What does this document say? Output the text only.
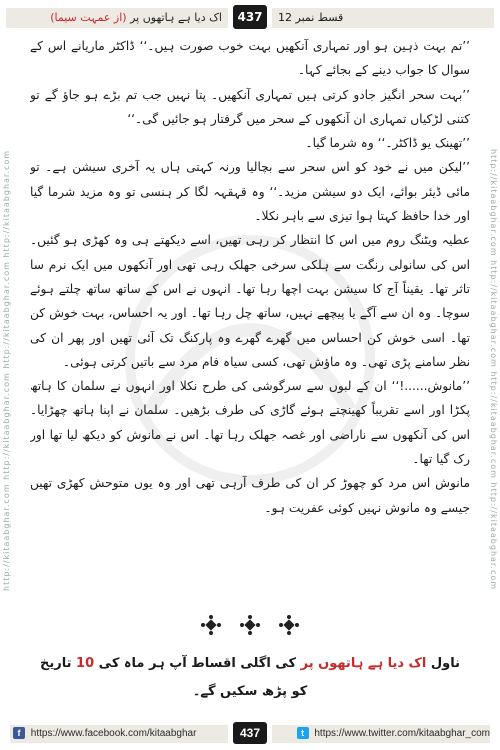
اک دیا ہے ہاتھوں پر (از عمہت سیما)	437	قسط نمبر 12
http://kitaabghar.com http://kitaabghar.com http://kitaabghar.com http://kitaabghar.com	http://kitaabghar.com http://kitaabghar.com http://kitaabghar.com http://kitaabghar.com

’’تم بہت ذہین ہو اور تمہاری آنکھیں بہت خوب صورت ہیں۔‘‘ ڈاکٹر ماریانے اس کے سوال کا جواب دینے کے بجائے کہا۔

’’بہت سحر انگیز جادو کرتی ہیں تمہاری آنکھیں۔ پتا نہیں جب تم بڑے ہو جاؤ گے تو کتنی لڑکیاں تمہاری ان آنکھوں کے سحر میں گرفتار ہو جائیں گی۔‘‘

’’تھینک یو ڈاکٹر۔‘‘ وہ شرما گیا۔

’’لیکن میں نے خود کو اس سحر سے بچالیا ورنہ کہتی ہاں یہ آخری سیشن ہے۔ تو مائی ڈیئر بوائے، ایک دو سیشن مزید۔‘‘ وہ قہقہہ لگا کر ہنسی تو وہ مزید شرما گیا اور خدا حافظ کہتا ہوا تیزی سے باہر نکلا۔

عطیہ ویٹنگ روم میں اس کا انتظار کر رہی تھیں، اسے دیکھتے ہی وہ کھڑی ہو گئیں۔ اس کی سانولی رنگت سے ہلکی سرخی جھلک رہی تھی اور آنکھوں میں ایک نرم سا تاثر تھا۔ یقیناً آج کا سیشن بہت اچھا رہا تھا۔ انہوں نے اس کے ساتھ ساتھ چلتے ہوئے سوچا۔ وہ ان سے آگے یا پیچھے نہیں، ساتھ چل رہا تھا۔ اور یہ احساس، بہت خوش کن تھا۔ اسی خوش کن احساس میں گھرے گھرے وہ پارکنگ تک آئی تھیں اور پھر ان کی نظر سامنے پڑی تھی۔ وہ ماؤش تھی، کسی سیاہ فام مرد سے باتیں کرتی ہوئی۔

’’مانوش......!‘‘ ان کے لبوں سے سرگوشی کی طرح نکلا اور انہوں نے سلمان کا ہاتھ پکڑا اور اسے تقریباً کھینچتے ہوئے گاڑی کی طرف بڑھیں۔ سلمان نے اپنا ہاتھ چھڑایا۔ اس کی آنکھوں سے ناراضی اور غصہ جھلک رہا تھا۔ اس نے مانوش کو دیکھ لیا تھا اور رک گیا تھا۔

مانوش اس مرد کو چھوڑ کر ان کی طرف آرہی تھی اور وہ یوں متوحش کھڑی تھیں جیسے وہ مانوش نہیں کوئی عفریت ہو۔

ناول اک دیا ہے ہاتھوں پر کی اگلی اقساط آپ ہر ماہ کی 10 تاریخ کو پڑھ سکیں گے۔
f https://www.facebook.com/kitaabghar	437	t https://www.twitter.com/kitaabghar_com
